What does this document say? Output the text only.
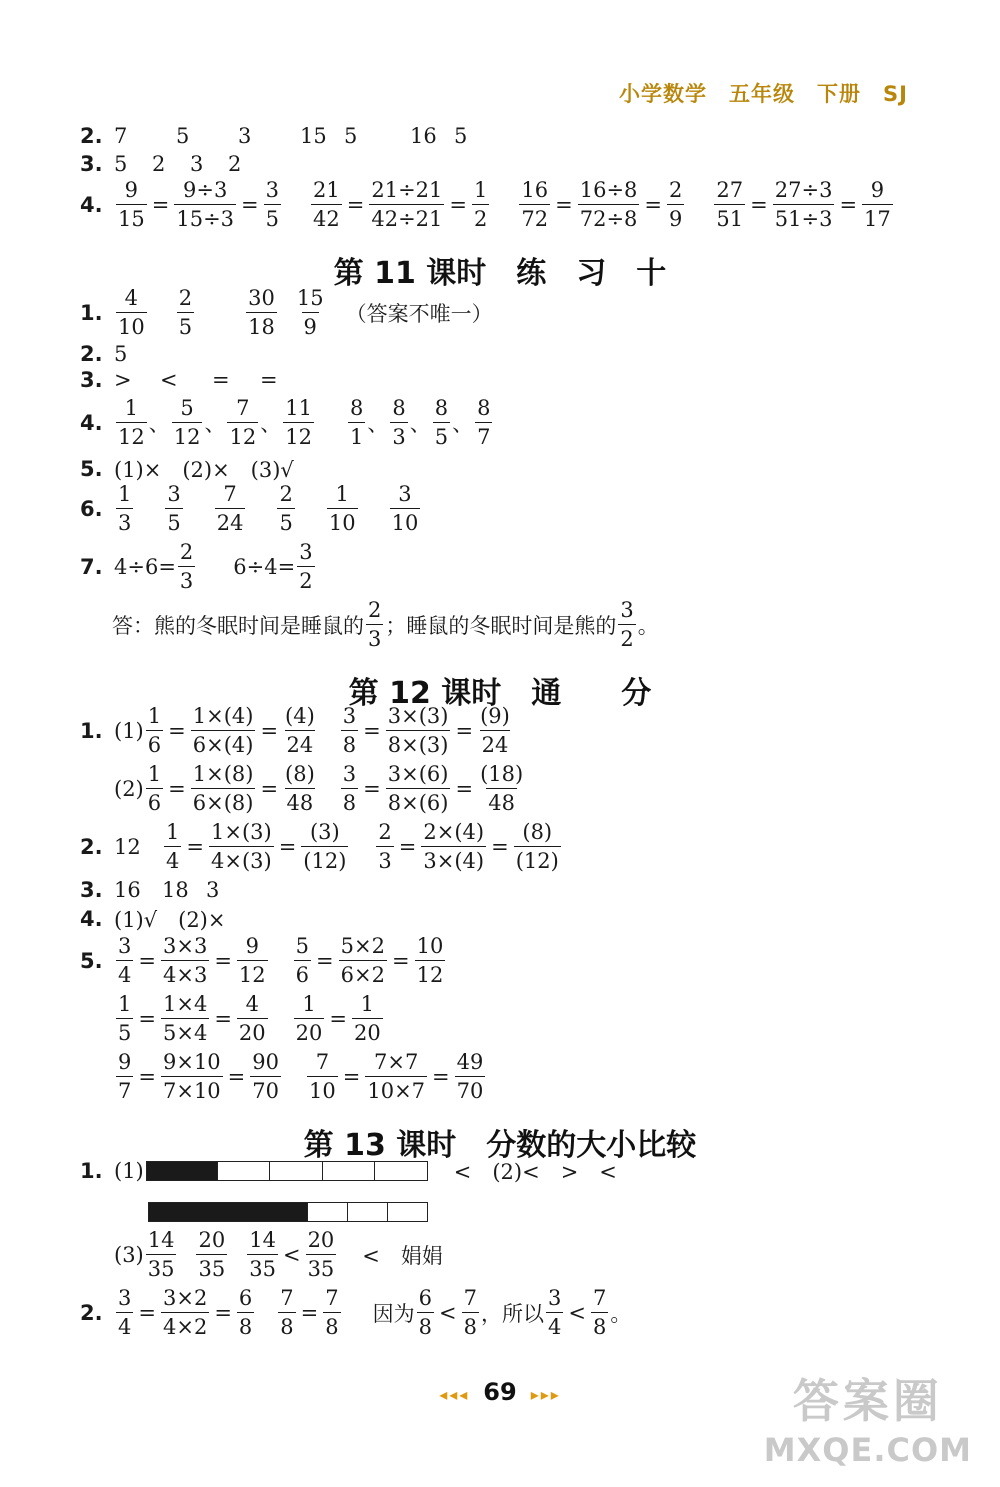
小学数学 五年级 下册 SJ
2. 7	5	3	15 5	16 5
3. 5	2	3	2
4. $\frac{9}{15} = \frac{9\div 3}{15\div 3} = \frac{3}{5} \frac{21}{42} = \frac{21\div 21}{42\div 21} = \frac{1}{2} \frac{16}{72} = \frac{16\div 8}{72\div 8} = \frac{2}{9} \frac{27}{51} = \frac{27\div 3}{51\div 3} = \frac{9}{17}$
第 11 课时　练　习　十
1. $\frac{4}{10} \frac{2}{5} \frac{30}{18} \frac{15}{9}$ （答案不唯一）
2. 5
3. >	<	=	=
4. $\frac{1}{12}$ 、 $\frac{5}{12}$ 、 $\frac{7}{12}$ 、 $\frac{11}{12} \frac{8}{1}$ 、 $\frac{8}{3}$ 、 $\frac{8}{5}$ 、 $\frac{8}{7}$
5. (1)×　(2)×　(3)√
6. $\frac{1}{3} \frac{3}{5} \frac{7}{24} \frac{2}{5} \frac{1}{10} \frac{3}{10}$
7. $4\div 6= \frac{2}{3} 6\div 4= \frac{3}{2}$
答：熊的冬眠时间是睡鼠的
2
3
；睡鼠的冬眠时间是熊的
3
2
。
第 12 课时　通　　分
1. $(1) \frac{1}{6} = \frac{1\times(4)}{6\times(4)} = \frac{(4)}{24} \frac{3}{8} = \frac{3\times(3)}{8\times(3)} = \frac{(9)}{24}$
$(2) \frac{1}{6} = \frac{1\times(8)}{6\times(8)} = \frac{(8)}{48} \frac{3}{8} = \frac{3\times(6)}{8\times(6)} = \frac{(18)}{48}$
2. 12	$\frac{1}{4} = \frac{1\times(3)}{4\times(3)} = \frac{(3)}{(12)} \frac{2}{3} = \frac{2\times(4)}{3\times(4)} = \frac{(8)}{(12)}$
3. 16	18 3
4. (1)√　(2)×
5. $\frac{3}{4} = \frac{3\times 3}{4\times 3} = \frac{9}{12} \frac{5}{6} = \frac{5\times 2}{6\times 2} = \frac{10}{12}$
$\frac{1}{5} = \frac{1\times 4}{5\times 4} = \frac{4}{20} \frac{1}{20} = \frac{1}{20}$
$\frac{9}{7} = \frac{9\times 10}{7\times 10} = \frac{90}{70} \frac{7}{10} = \frac{7\times 7}{10\times 7} = \frac{49}{70}$
第 13 课时　分数的大小比较
1. (1)	<　(2)<　>　<
(3)
14
35
20
35
14
35
<
20
35
<　娟娟
2. $\frac{3}{4} = \frac{3\times 2}{4\times 2} = \frac{6}{8} \frac{7}{8} = \frac{7}{8}$ 因为 $\frac{6}{8} < \frac{7}{8}$ ，所以 $\frac{3}{4} < \frac{7}{8}$ 。
◂◂◂ 69 ▸▸▸	答案圈
MXQE.COM
